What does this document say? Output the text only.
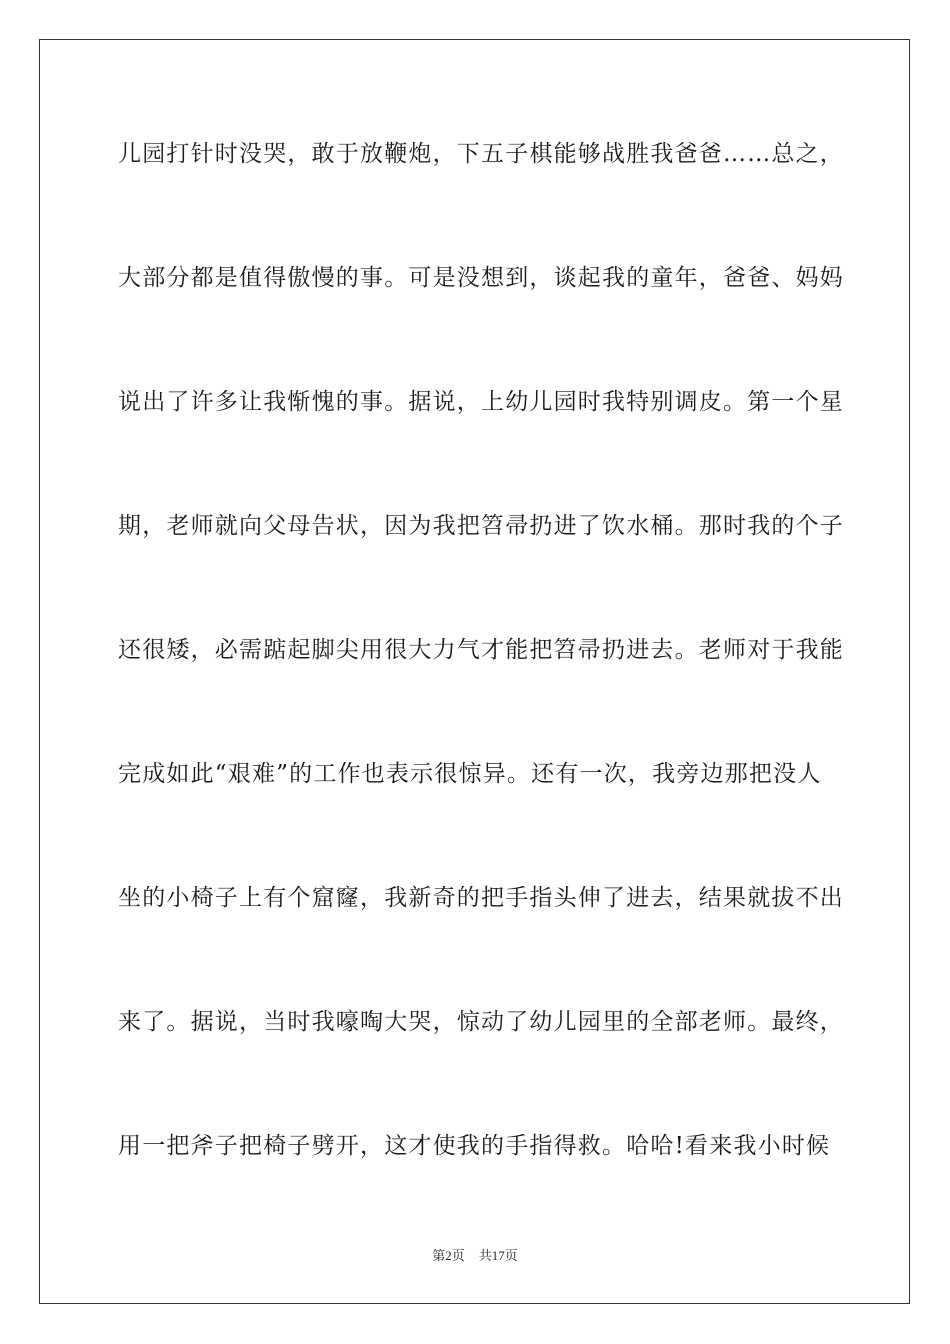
儿园打针时没哭，敢于放鞭炮，下五子棋能够战胜我爸爸……总之，
大部分都是值得傲慢的事。可是没想到，谈起我的童年，爸爸、妈妈
说出了许多让我惭愧的事。据说，上幼儿园时我特别调皮。第一个星
期，老师就向父母告状，因为我把笤帚扔进了饮水桶。那时我的个子
还很矮，必需踮起脚尖用很大力气才能把笤帚扔进去。老师对于我能
完成如此“艰难”的工作也表示很惊异。还有一次，我旁边那把没人
坐的小椅子上有个窟窿，我新奇的把手指头伸了进去，结果就拔不出
来了。据说，当时我嚎啕大哭，惊动了幼儿园里的全部老师。最终，
用一把斧子把椅子劈开，这才使我的手指得救。哈哈!看来我小时候
第2页 共17页
